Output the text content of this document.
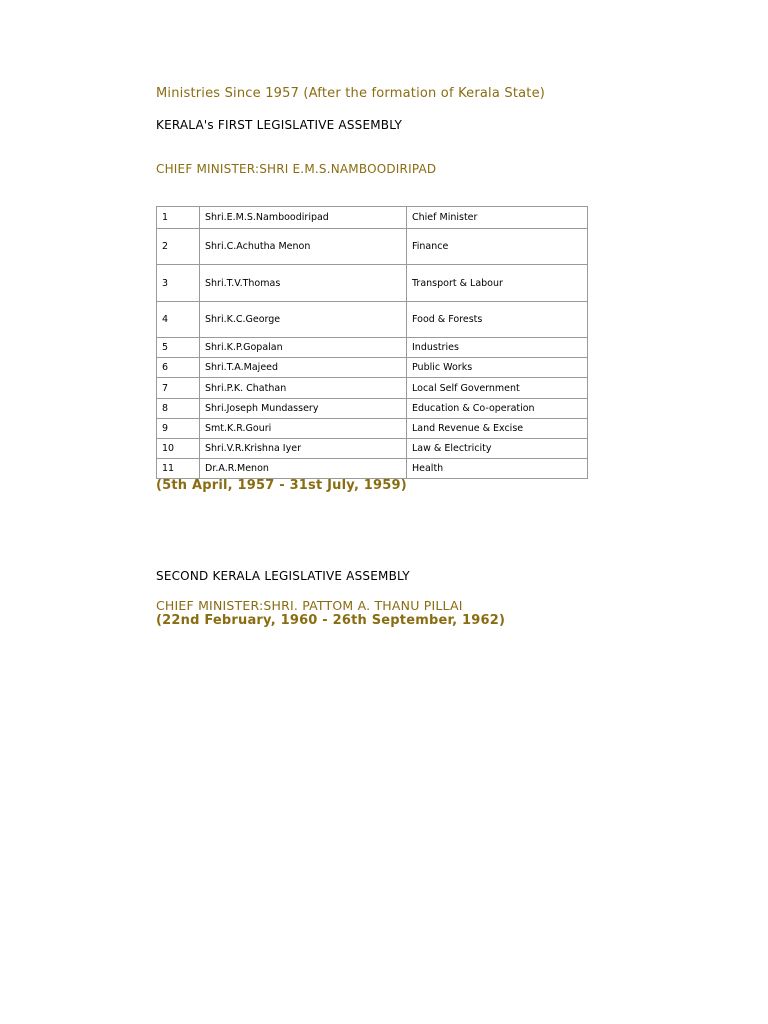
Ministries Since 1957 (After the formation of Kerala State)
KERALA's FIRST LEGISLATIVE ASSEMBLY
CHIEF MINISTER:SHRI E.M.S.NAMBOODIRIPAD
1	Shri.E.M.S.Namboodiripad	Chief Minister
2	Shri.C.Achutha Menon	Finance
3	Shri.T.V.Thomas	Transport & Labour
4	Shri.K.C.George	Food & Forests
5	Shri.K.P.Gopalan	Industries
6	Shri.T.A.Majeed	Public Works
7	Shri.P.K. Chathan	Local Self Government
8	Shri.Joseph Mundassery	Education & Co-operation
9	Smt.K.R.Gouri	Land Revenue & Excise
10	Shri.V.R.Krishna Iyer	Law & Electricity
11	Dr.A.R.Menon	Health
(5th April, 1957 - 31st July, 1959)
SECOND KERALA LEGISLATIVE ASSEMBLY
CHIEF MINISTER:SHRI. PATTOM A. THANU PILLAI
(22nd February, 1960 - 26th September, 1962)
